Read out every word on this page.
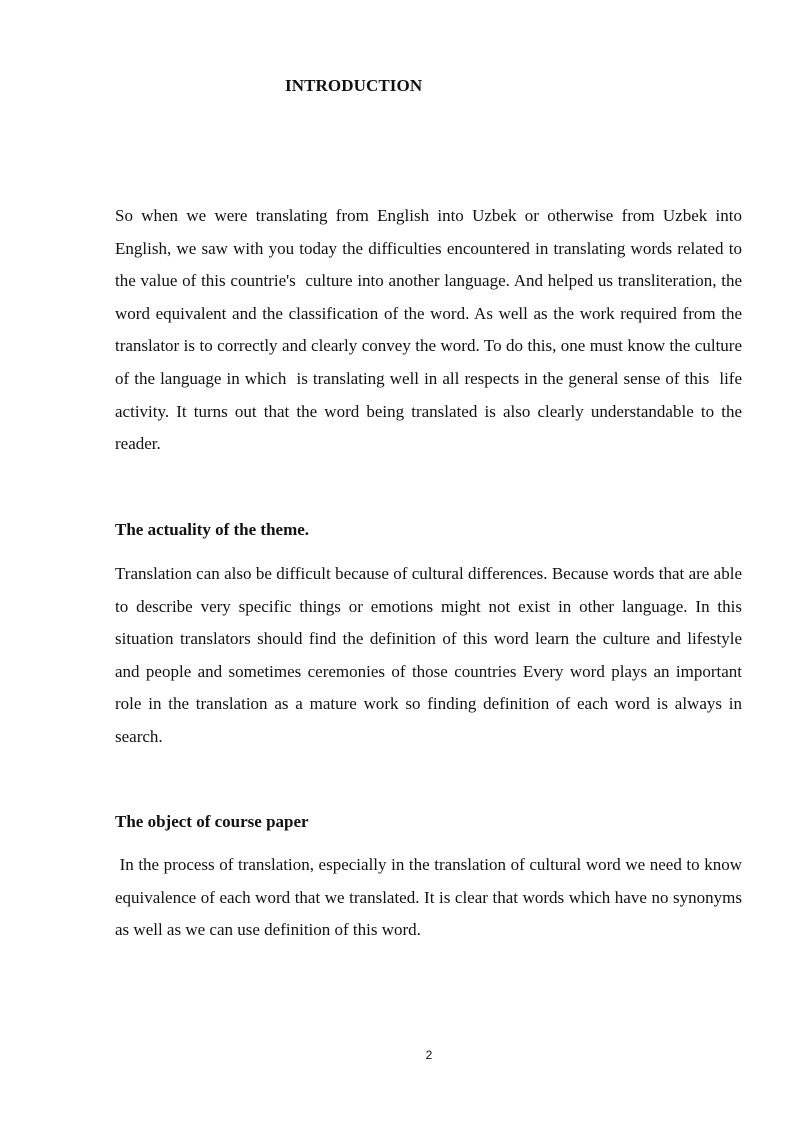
INTRODUCTION

So when we were translating from English into Uzbek or otherwise from Uzbek into English, we saw with you today the difficulties encountered in translating words related to the value of this countrie's  culture into another language. And helped us transliteration, the word equivalent and the classification of the word. As well as the work required from the translator is to correctly and clearly convey the word. To do this, one must know the culture of the language in which  is translating well in all respects in the general sense of this  life activity. It turns out that the word being translated is also clearly understandable to the reader.

The actuality of the theme.

Translation can also be difficult because of cultural differences. Because words that are able to describe very specific things or emotions might not exist in other language. In this situation translators should find the definition of this word learn the culture and lifestyle and people and sometimes ceremonies of those countries Every word plays an important role in the translation as a mature work so finding definition of each word is always in search.

The object of course paper

In the process of translation, especially in the translation of cultural word we need to know equivalence of each word that we translated. It is clear that words which have no synonyms as well as we can use definition of this word.

2
